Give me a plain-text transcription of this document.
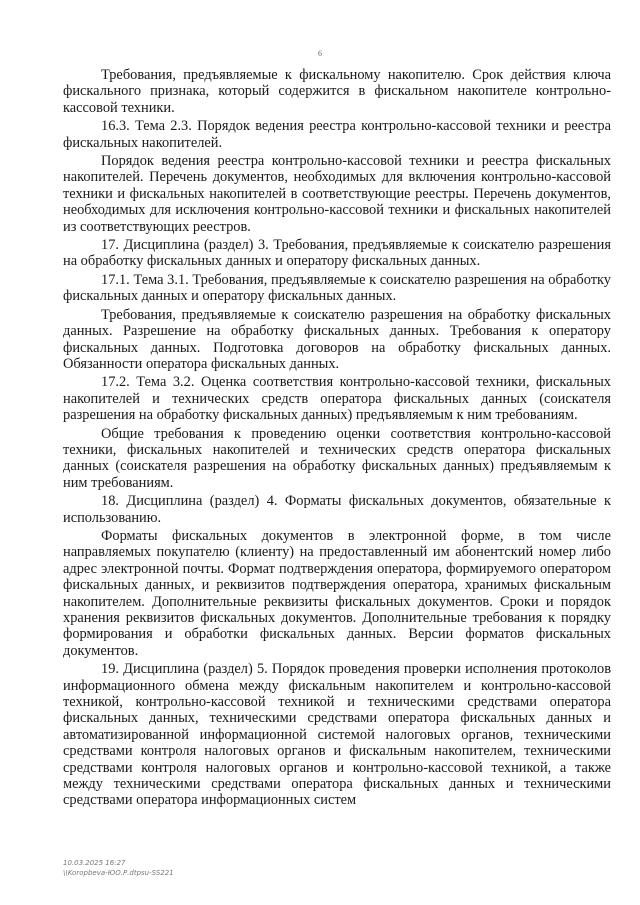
6

Требования, предъявляемые к фискальному накопителю. Срок действия ключа фискального признака, который содержится в фискальном накопителе контрольно-кассовой техники.

16.3. Тема 2.3. Порядок ведения реестра контрольно-кассовой техники и реестра фискальных накопителей.

Порядок ведения реестра контрольно-кассовой техники и реестра фискальных накопителей. Перечень документов, необходимых для включения контрольно-кассовой техники и фискальных накопителей в соответствующие реестры. Перечень документов, необходимых для исключения контрольно-кассовой техники и фискальных накопителей из соответствующих реестров.

17. Дисциплина (раздел) 3. Требования, предъявляемые к соискателю разрешения на обработку фискальных данных и оператору фискальных данных.

17.1. Тема 3.1. Требования, предъявляемые к соискателю разрешения на обработку фискальных данных и оператору фискальных данных.

Требования, предъявляемые к соискателю разрешения на обработку фискальных данных. Разрешение на обработку фискальных данных. Требования к оператору фискальных данных. Подготовка договоров на обработку фискальных данных. Обязанности оператора фискальных данных.

17.2. Тема 3.2. Оценка соответствия контрольно-кассовой техники, фискальных накопителей и технических средств оператора фискальных данных (соискателя разрешения на обработку фискальных данных) предъявляемым к ним требованиям.

Общие требования к проведению оценки соответствия контрольно-кассовой техники, фискальных накопителей и технических средств оператора фискальных данных (соискателя разрешения на обработку фискальных данных) предъявляемым к ним требованиям.

18. Дисциплина (раздел) 4. Форматы фискальных документов, обязательные к использованию.

Форматы фискальных документов в электронной форме, в том числе направляемых покупателю (клиенту) на предоставленный им абонентский номер либо адрес электронной почты. Формат подтверждения оператора, формируемого оператором фискальных данных, и реквизитов подтверждения оператора, хранимых фискальным накопителем. Дополнительные реквизиты фискальных документов. Сроки и порядок хранения реквизитов фискальных документов. Дополнительные требования к порядку формирования и обработки фискальных данных. Версии форматов фискальных документов.

19. Дисциплина (раздел) 5. Порядок проведения проверки исполнения протоколов информационного обмена между фискальным накопителем и контрольно-кассовой техникой, контрольно-кассовой техникой и техническими средствами оператора фискальных данных, техническими средствами оператора фискальных данных и автоматизированной информационной системой налоговых органов, техническими средствами контроля налоговых органов и фискальным накопителем, техническими средствами контроля налоговых органов и контрольно-кассовой техникой, а также между техническими средствами оператора фискальных данных и техническими средствами оператора информационных систем

10.03.2025 16:27
\\Koropbeva-ЮО.Р.dtpsu-SS221
